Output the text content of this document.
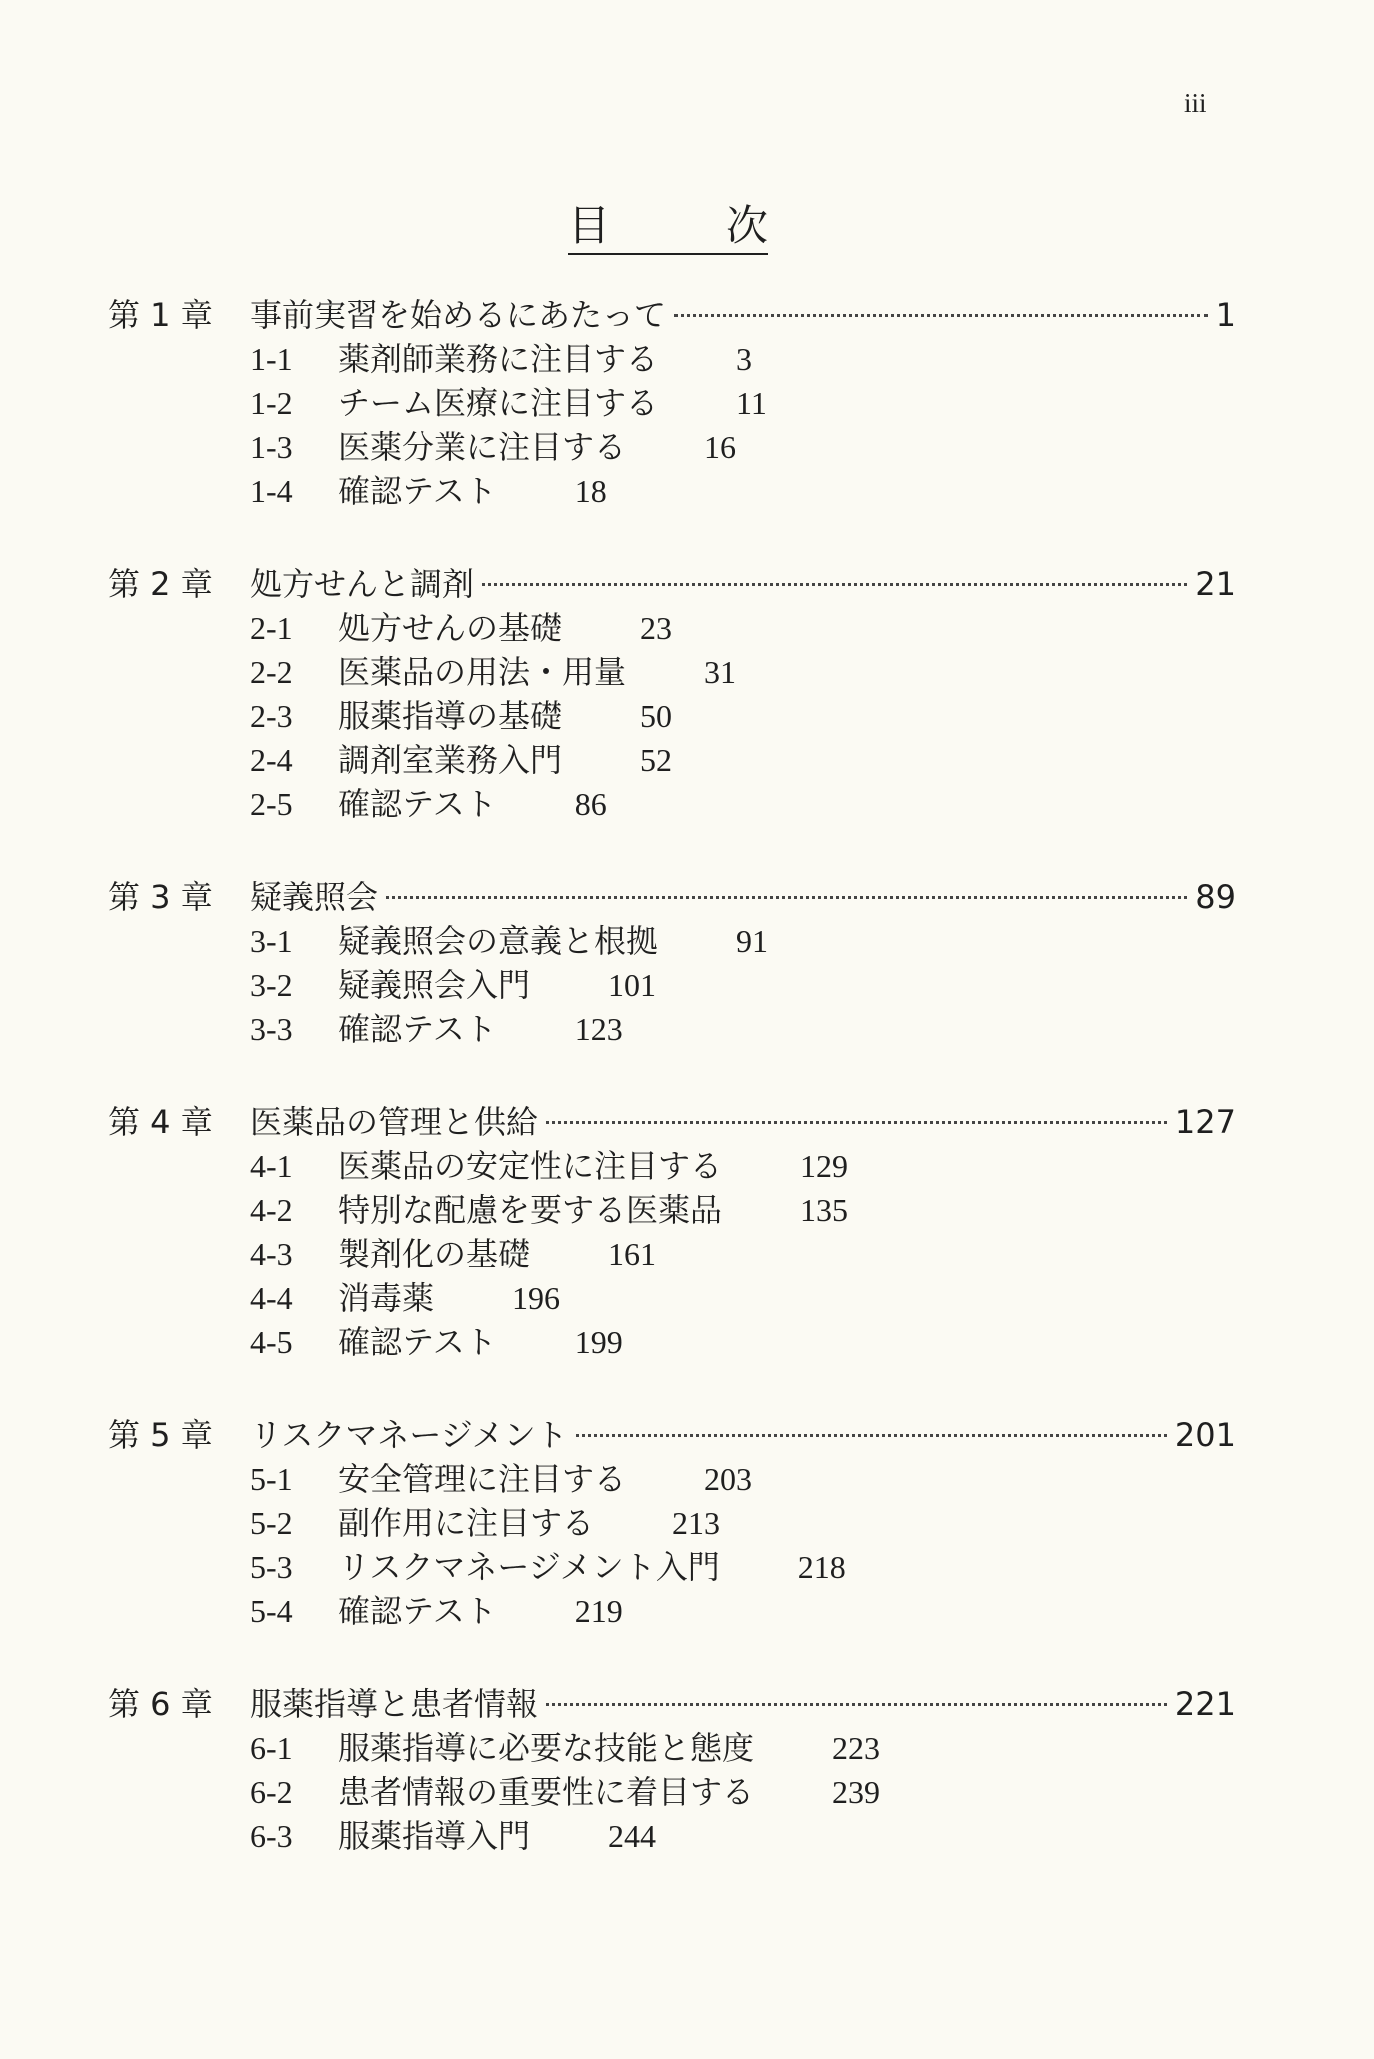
iii
目	次
第 1 章	事前実習を始めるにあたって	1
1-1	薬剤師業務に注目する 3
1-2	チーム医療に注目する 11
1-3	医薬分業に注目する 16
1-4	確認テスト 18
第 2 章	処方せんと調剤	21
2-1	処方せんの基礎 23
2-2	医薬品の用法・用量 31
2-3	服薬指導の基礎 50
2-4	調剤室業務入門 52
2-5	確認テスト 86
第 3 章	疑義照会	89
3-1	疑義照会の意義と根拠 91
3-2	疑義照会入門 101
3-3	確認テスト 123
第 4 章	医薬品の管理と供給	127
4-1	医薬品の安定性に注目する 129
4-2	特別な配慮を要する医薬品 135
4-3	製剤化の基礎 161
4-4	消毒薬 196
4-5	確認テスト 199
第 5 章	リスクマネージメント	201
5-1	安全管理に注目する 203
5-2	副作用に注目する 213
5-3	リスクマネージメント入門 218
5-4	確認テスト 219
第 6 章	服薬指導と患者情報	221
6-1	服薬指導に必要な技能と態度 223
6-2	患者情報の重要性に着目する 239
6-3	服薬指導入門 244
